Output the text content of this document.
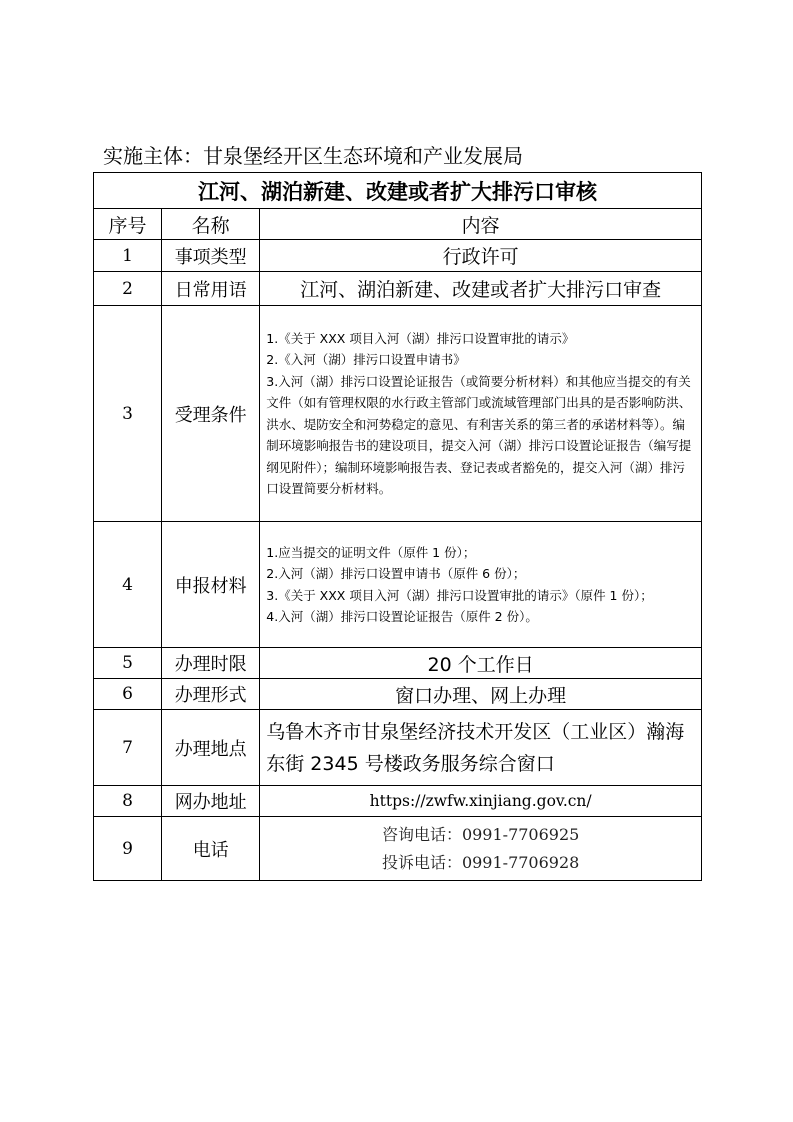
实施主体：甘泉堡经开区生态环境和产业发展局
江河、湖泊新建、改建或者扩大排污口审核		
序号	名称	内容
1	事项类型	行政许可
2	日常用语	江河、湖泊新建、改建或者扩大排污口审查
3	受理条件	1.《关于 XXX 项目入河（湖）排污口设置审批的请示》
2.《入河（湖）排污口设置申请书》
3.入河（湖）排污口设置论证报告（或简要分析材料）和其他应当提交的有关文件（如有管理权限的水行政主管部门或流域管理部门出具的是否影响防洪、洪水、堤防安全和河势稳定的意见、有利害关系的第三者的承诺材料等）。编制环境影响报告书的建设项目，提交入河（湖）排污口设置论证报告（编写提纲见附件）；编制环境影响报告表、登记表或者豁免的，提交入河（湖）排污口设置简要分析材料。

4	申报材料	1.应当提交的证明文件（原件 1 份）；
2.入河（湖）排污口设置申请书（原件 6 份）；
3.《关于 XXX 项目入河（湖）排污口设置审批的请示》（原件 1 份）；
4.入河（湖）排污口设置论证报告（原件 2 份）。

5	办理时限	20 个工作日
6	办理形式	窗口办理、网上办理
7	办理地点	乌鲁木齐市甘泉堡经济技术开发区（工业区）瀚海东街 2345 号楼政务服务综合窗口
8	网办地址	https://zwfw.xinjiang.gov.cn/
9	电话	咨询电话：0991-7706925
投诉电话：0991-7706928
